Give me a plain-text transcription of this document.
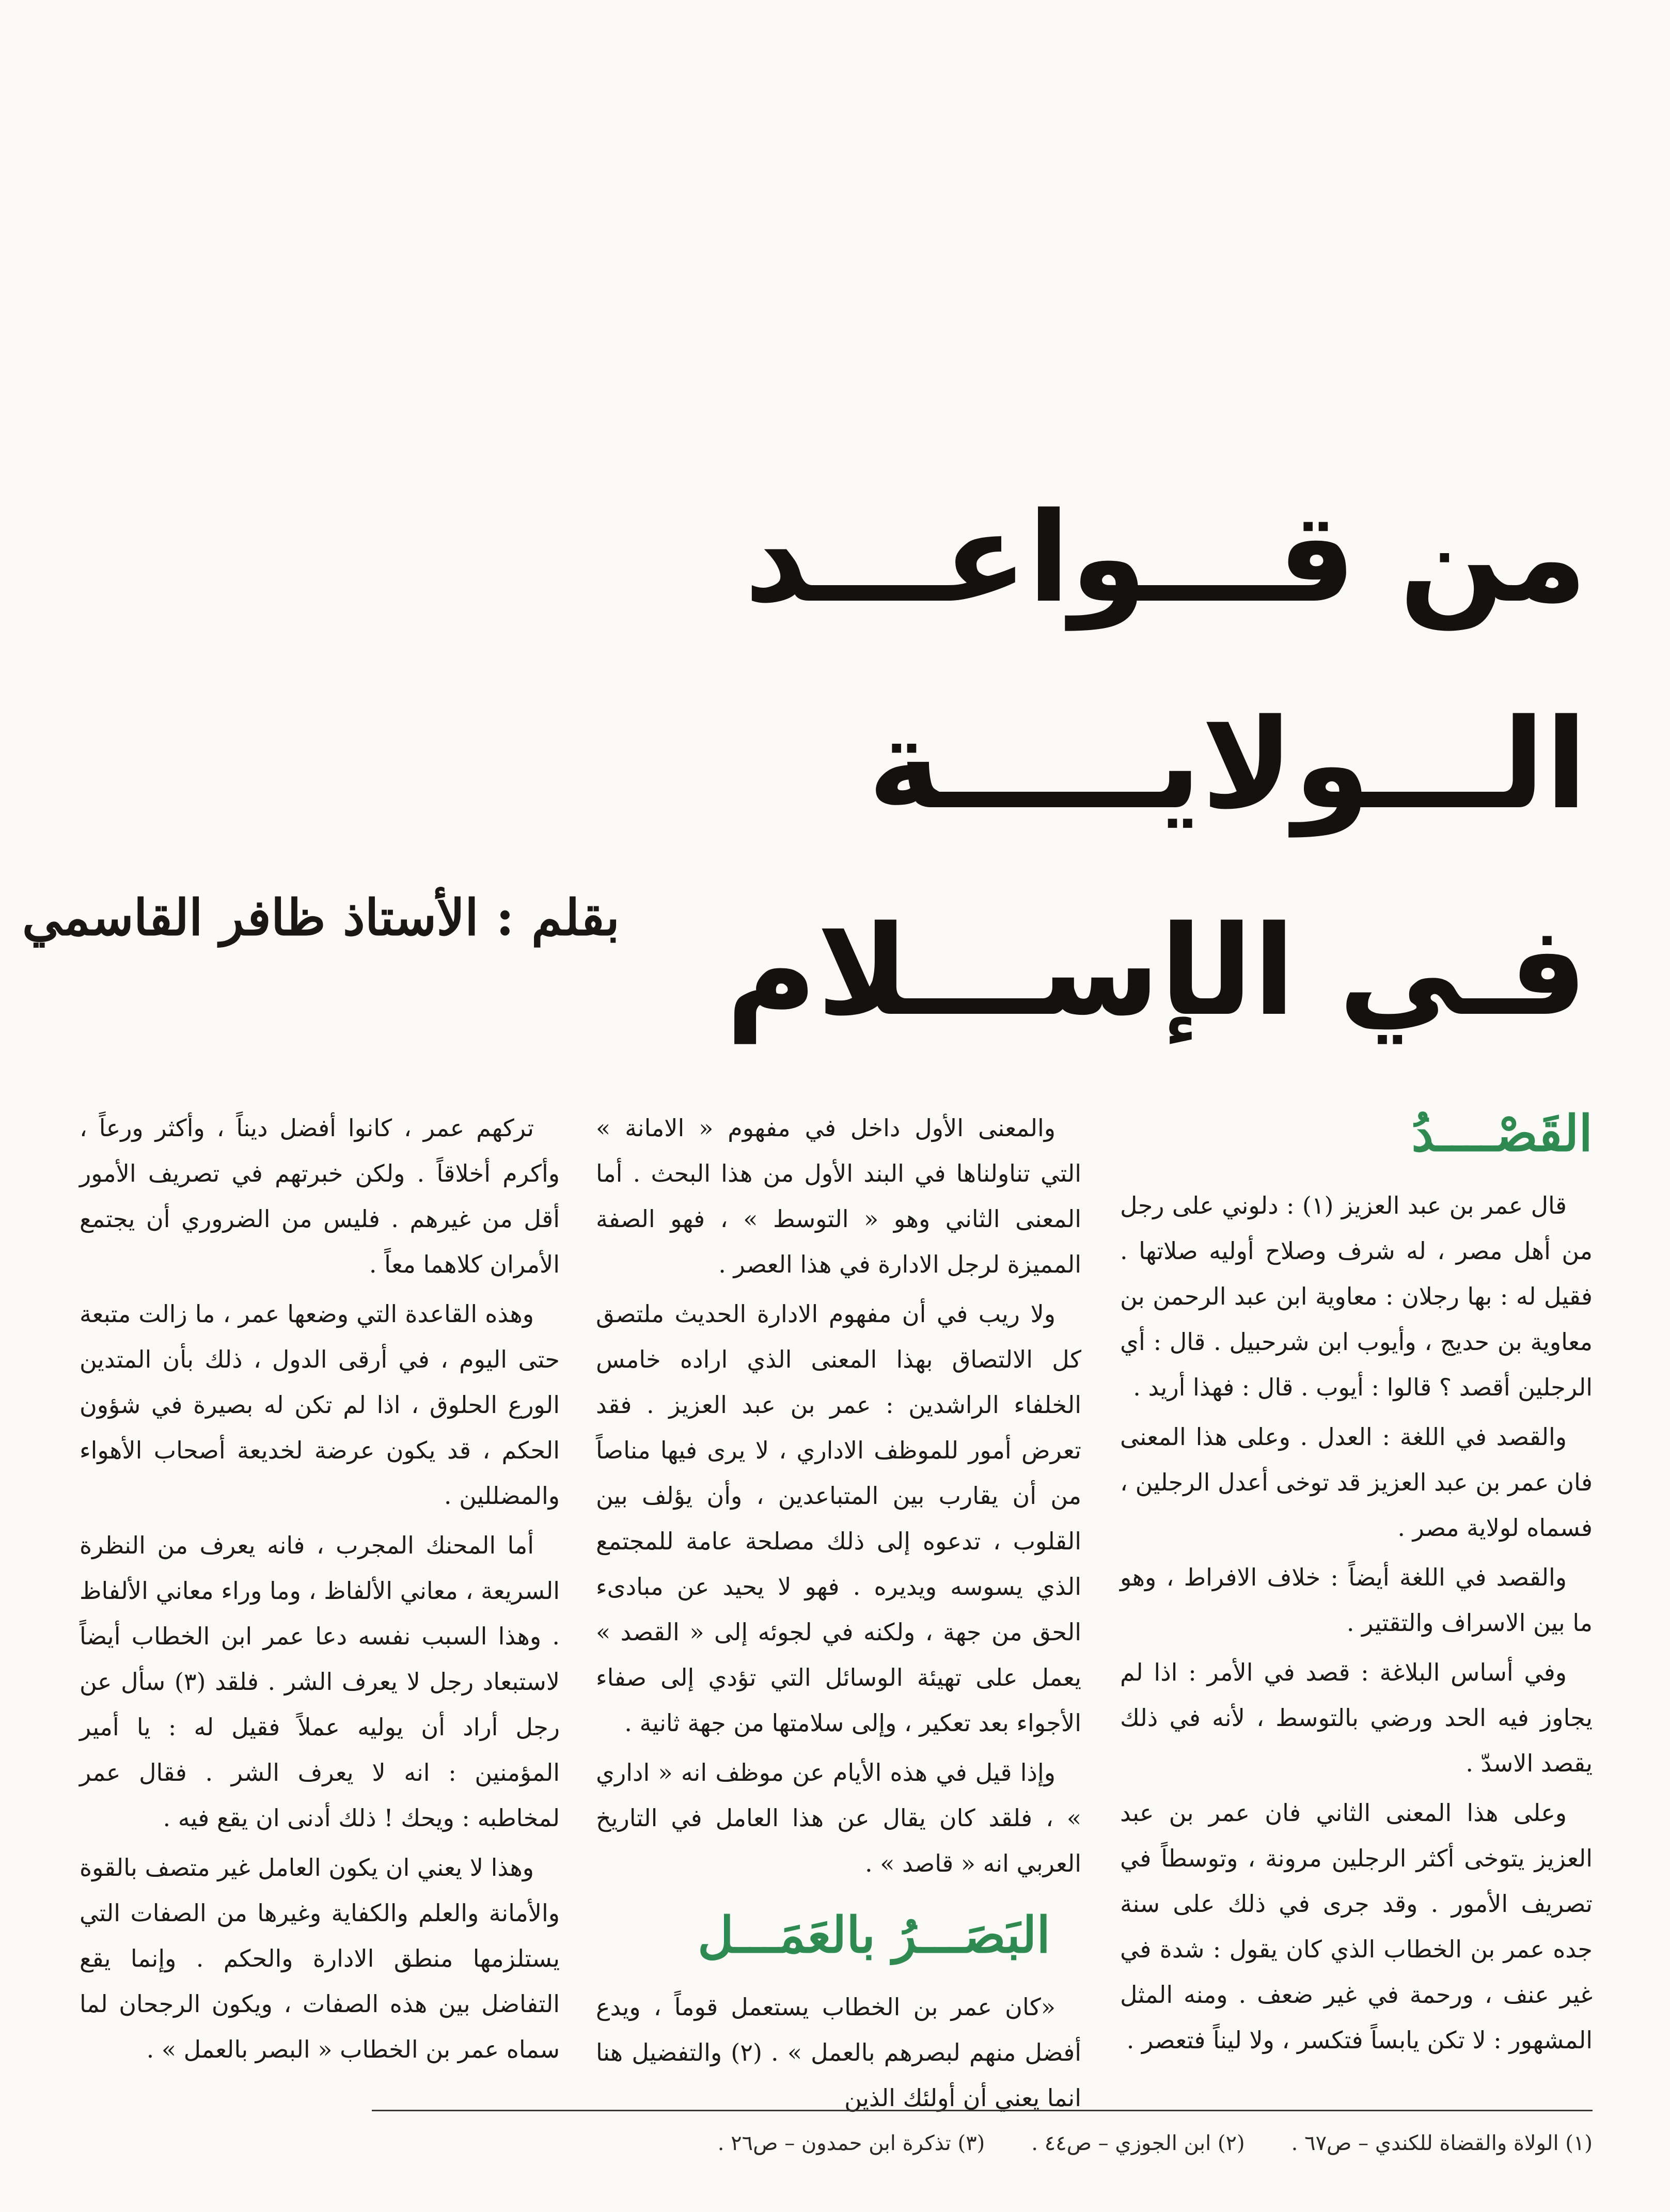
من قـــواعـــد
الـــولايـــــة
فـي الإســـلام
بقلم : الأستاذ ظافر القاسمي
القَصْــــدُ

قال عمر بن عبد العزيز (١) : دلوني على رجل من أهل مصر ، له شرف وصلاح أوليه صلاتها . فقيل له : بها رجلان : معاوية ابن عبد الرحمن بن معاوية بن حديج ، وأيوب ابن شرحبيل . قال : أي الرجلين أقصد ؟ قالوا : أيوب . قال : فهذا أريد .

والقصد في اللغة : العدل . وعلى هذا المعنى فان عمر بن عبد العزيز قد توخى أعدل الرجلين ، فسماه لولاية مصر .

والقصد في اللغة أيضاً : خلاف الافراط ، وهو ما بين الاسراف والتقتير .

وفي أساس البلاغة : قصد في الأمر : اذا لم يجاوز فيه الحد ورضي بالتوسط ، لأنه في ذلك يقصد الاسدّ .

وعلى هذا المعنى الثاني فان عمر بن عبد العزيز يتوخى أكثر الرجلين مرونة ، وتوسطاً في تصريف الأمور . وقد جرى في ذلك على سنة جده عمر بن الخطاب الذي كان يقول : شدة في غير عنف ، ورحمة في غير ضعف . ومنه المثل المشهور : لا تكن يابساً فتكسر ، ولا ليناً فتعصر .

والمعنى الأول داخل في مفهوم « الامانة » التي تناولناها في البند الأول من هذا البحث . أما المعنى الثاني وهو « التوسط » ، فهو الصفة المميزة لرجل الادارة في هذا العصر .

ولا ريب في أن مفهوم الادارة الحديث ملتصق كل الالتصاق بهذا المعنى الذي اراده خامس الخلفاء الراشدين : عمر بن عبد العزيز . فقد تعرض أمور للموظف الاداري ، لا يرى فيها مناصاً من أن يقارب بين المتباعدين ، وأن يؤلف بين القلوب ، تدعوه إلى ذلك مصلحة عامة للمجتمع الذي يسوسه ويديره . فهو لا يحيد عن مبادىء الحق من جهة ، ولكنه في لجوئه إلى « القصد » يعمل على تهيئة الوسائل التي تؤدي إلى صفاء الأجواء بعد تعكير ، وإلى سلامتها من جهة ثانية .

وإذا قيل في هذه الأيام عن موظف انه « اداري » ، فلقد كان يقال عن هذا العامل في التاريخ العربي انه « قاصد » .

البَصَـــرُ بالعَمَـــل

«كان عمر بن الخطاب يستعمل قوماً ، ويدع أفضل منهم لبصرهم بالعمل » . (٢) والتفضيل هنا انما يعني أن أولئك الذين

تركهم عمر ، كانوا أفضل ديناً ، وأكثر ورعاً ، وأكرم أخلاقاً . ولكن خبرتهم في تصريف الأمور أقل من غيرهم . فليس من الضروري أن يجتمع الأمران كلاهما معاً .

وهذه القاعدة التي وضعها عمر ، ما زالت متبعة حتى اليوم ، في أرقى الدول ، ذلك بأن المتدين الورع الحلوق ، اذا لم تكن له بصيرة في شؤون الحكم ، قد يكون عرضة لخديعة أصحاب الأهواء والمضللين .

أما المحنك المجرب ، فانه يعرف من النظرة السريعة ، معاني الألفاظ ، وما وراء معاني الألفاظ . وهذا السبب نفسه دعا عمر ابن الخطاب أيضاً لاستبعاد رجل لا يعرف الشر . فلقد (٣) سأل عن رجل أراد أن يوليه عملاً فقيل له : يا أمير المؤمنين : انه لا يعرف الشر . فقال عمر لمخاطبه : ويحك ! ذلك أدنى ان يقع فيه .

وهذا لا يعني ان يكون العامل غير متصف بالقوة والأمانة والعلم والكفاية وغيرها من الصفات التي يستلزمها منطق الادارة والحكم . وإنما يقع التفاضل بين هذه الصفات ، ويكون الرجحان لما سماه عمر بن الخطاب « البصر بالعمل » .

(١) الولاة والقضاة للكندي – ص٦٧ .
(٢) ابن الجوزي – ص٤٤ .
(٣) تذكرة ابن حمدون – ص٢٦ .
